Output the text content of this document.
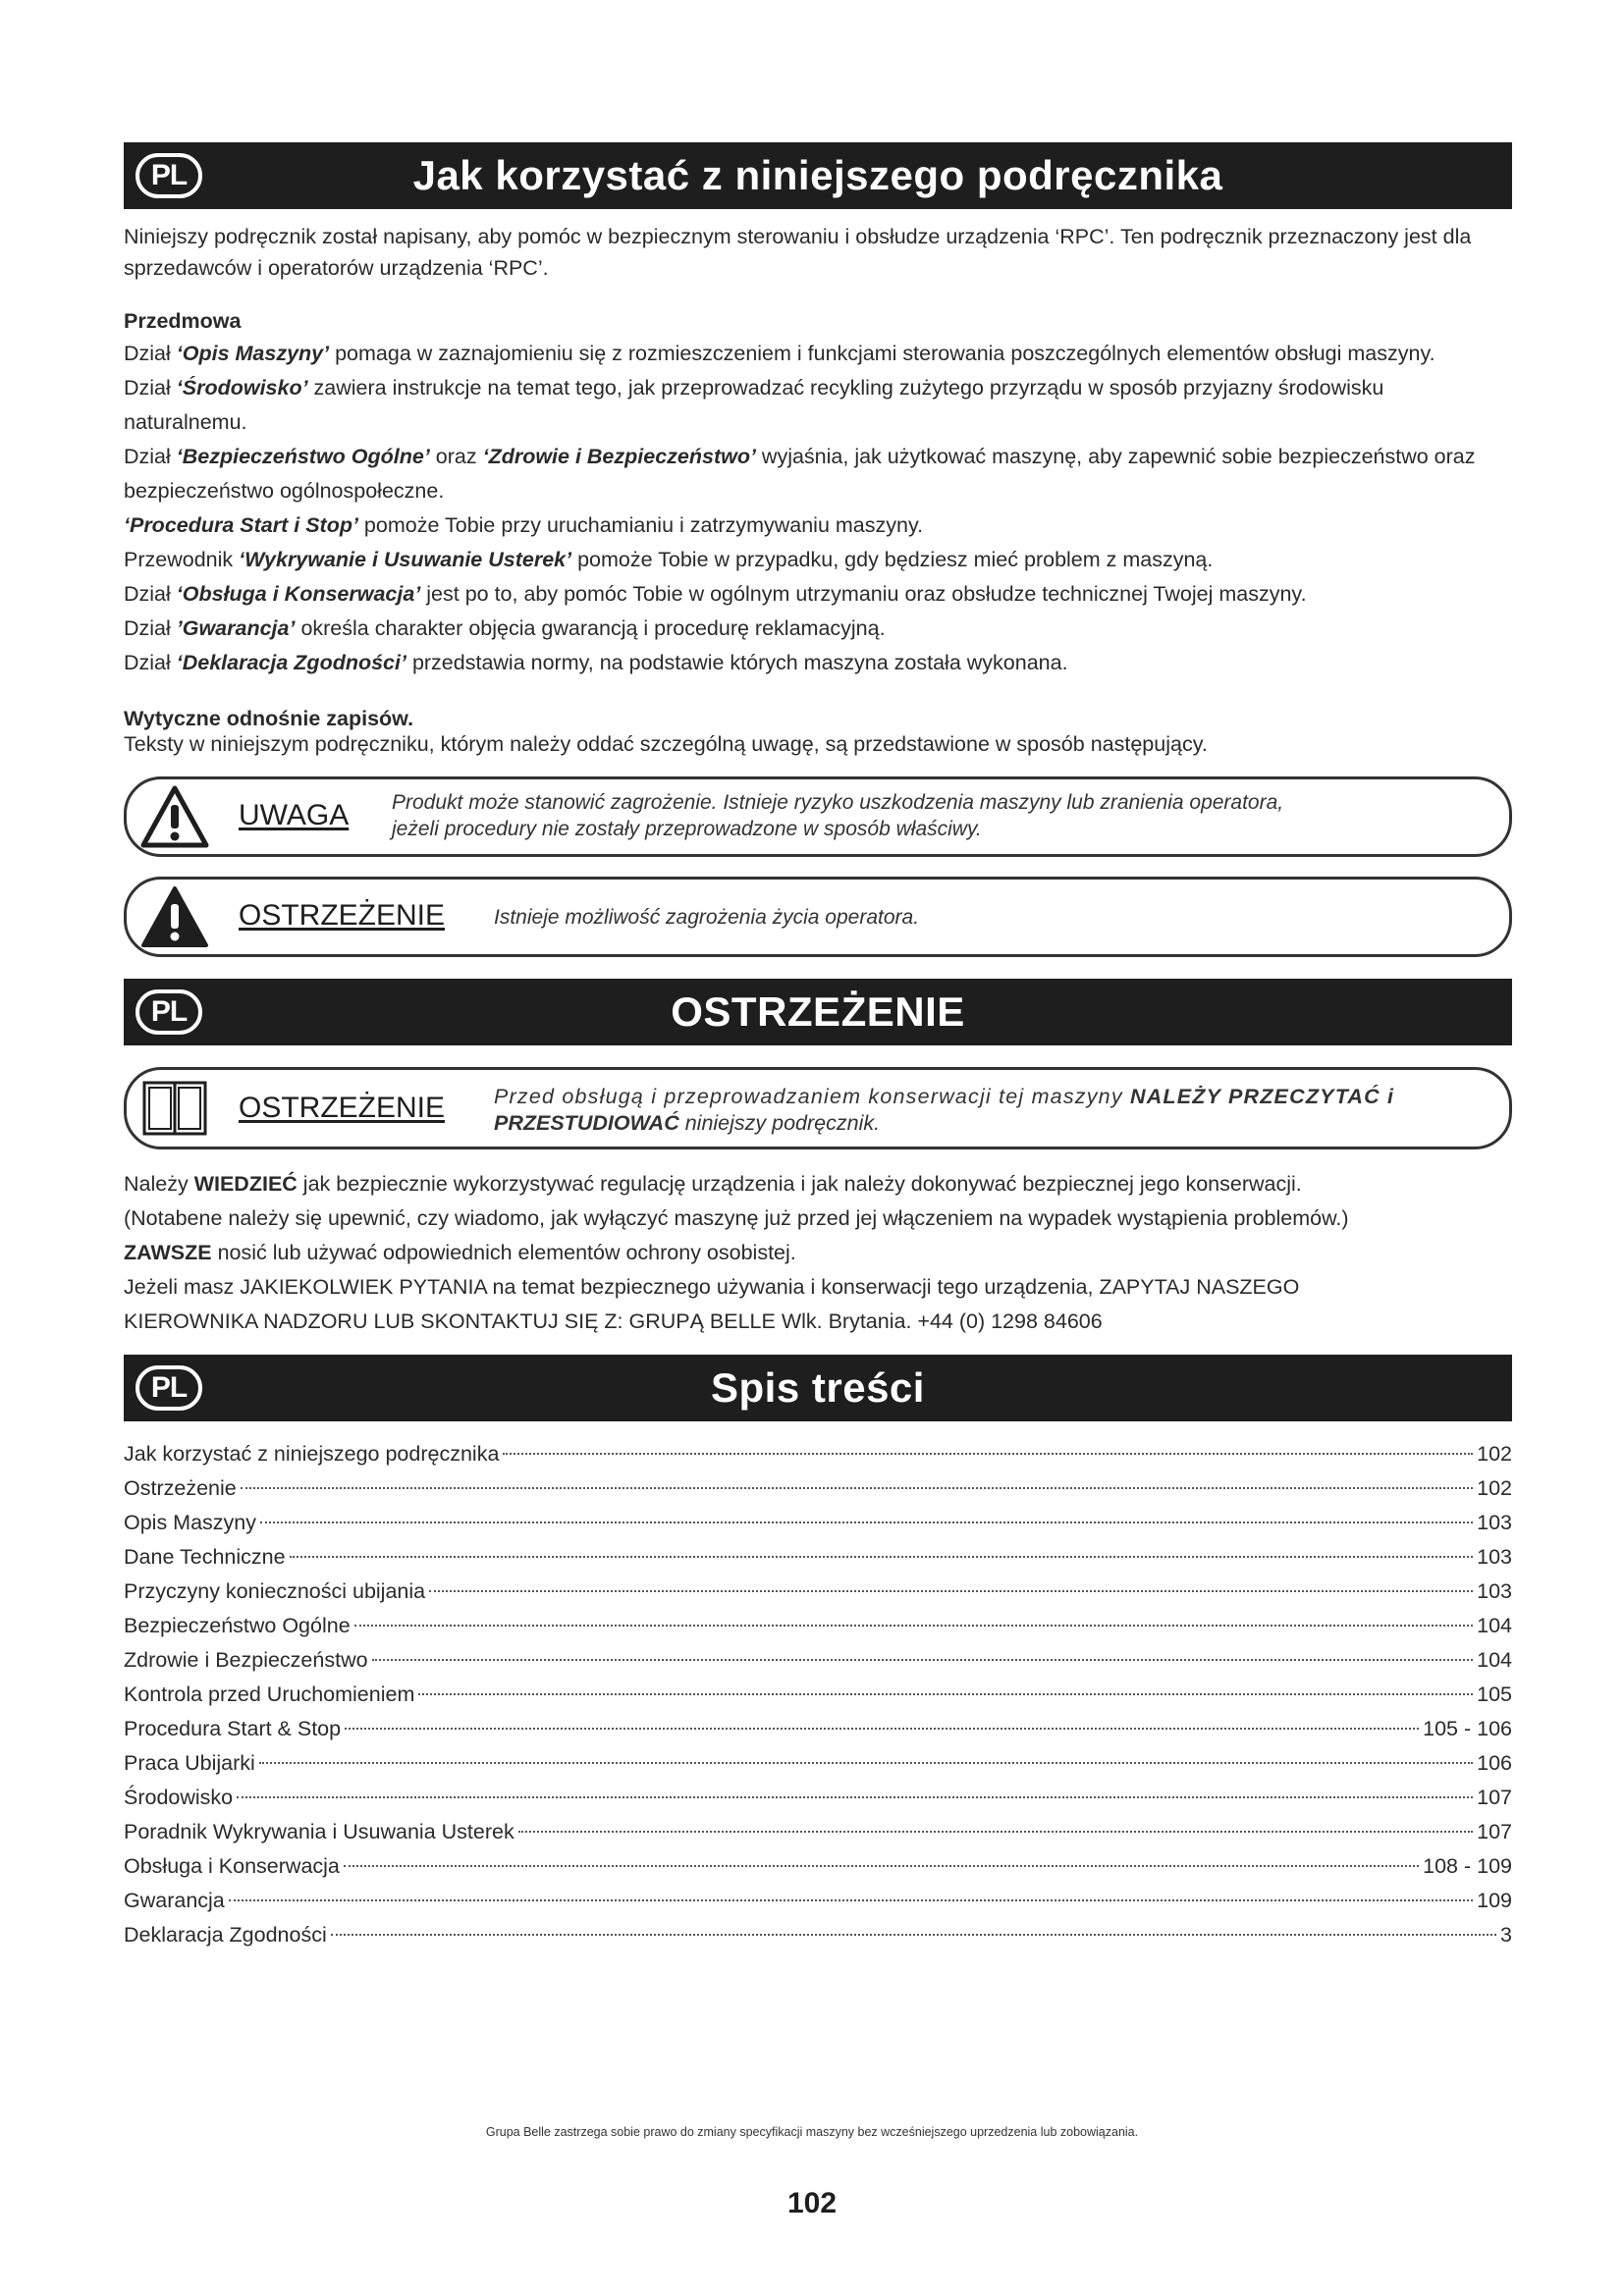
PL	Jak korzystać z niniejszego podręcznika

Niniejszy podręcznik został napisany, aby pomóc w bezpiecznym sterowaniu i obsłudze urządzenia ‘RPC’. Ten podręcznik przeznaczony jest dla sprzedawców i operatorów urządzenia ‘RPC’.

Przedmowa

Dział ‘Opis Maszyny’ pomaga w zaznajomieniu się z rozmieszczeniem i funkcjami sterowania poszczególnych elementów obsługi maszyny.

Dział ‘Środowisko’ zawiera instrukcje na temat tego, jak przeprowadzać recykling zużytego przyrządu w sposób przyjazny środowisku naturalnemu.

Dział ‘Bezpieczeństwo Ogólne’ oraz ‘Zdrowie i Bezpieczeństwo’ wyjaśnia, jak użytkować maszynę, aby zapewnić sobie bezpieczeństwo oraz bezpieczeństwo ogólnospołeczne.

‘Procedura Start i Stop’ pomoże Tobie przy uruchamianiu i zatrzymywaniu maszyny.

Przewodnik ‘Wykrywanie i Usuwanie Usterek’ pomoże Tobie w przypadku, gdy będziesz mieć problem z maszyną.

Dział ‘Obsługa i Konserwacja’ jest po to, aby pomóc Tobie w ogólnym utrzymaniu oraz obsłudze technicznej Twojej maszyny.

Dział ’Gwarancja’ określa charakter objęcia gwarancją i procedurę reklamacyjną.

Dział ‘Deklaracja Zgodności’ przedstawia normy, na podstawie których maszyna została wykonana.

Wytyczne odnośnie zapisów.

Teksty w niniejszym podręczniku, którym należy oddać szczególną uwagę, są przedstawione w sposób następujący.

UWAGA Produkt może stanowić zagrożenie. Istnieje ryzyko uszkodzenia maszyny lub zranienia operatora,
jeżeli procedury nie zostały przeprowadzone w sposób właściwy.
OSTRZEŻENIE Istnieje możliwość zagrożenia życia operatora.
PL	OSTRZEŻENIE
OSTRZEŻENIE Przed obsługą i przeprowadzaniem konserwacji tej maszyny NALEŻY PRZECZYTAĆ i
PRZESTUDIOWAĆ niniejszy podręcznik.

Należy WIEDZIEĆ jak bezpiecznie wykorzystywać regulację urządzenia i jak należy dokonywać bezpiecznej jego konserwacji.

(Notabene należy się upewnić, czy wiadomo, jak wyłączyć maszynę już przed jej włączeniem na wypadek wystąpienia problemów.)

ZAWSZE nosić lub używać odpowiednich elementów ochrony osobistej.

Jeżeli masz JAKIEKOLWIEK PYTANIA na temat bezpiecznego używania i konserwacji tego urządzenia, ZAPYTAJ NASZEGO

KIEROWNIKA NADZORU LUB SKONTAKTUJ SIĘ Z: GRUPĄ BELLE Wlk. Brytania. +44 (0) 1298 84606

PL	Spis treści
Jak korzystać z niniejszego podręcznika	102
Ostrzeżenie	102
Opis Maszyny	103
Dane Techniczne	103
Przyczyny konieczności ubijania	103
Bezpieczeństwo Ogólne	104
Zdrowie i Bezpieczeństwo	104
Kontrola przed Uruchomieniem	105
Procedura Start & Stop	105 - 106
Praca Ubijarki	106
Środowisko	107
Poradnik Wykrywania i Usuwania Usterek	107
Obsługa i Konserwacja	108 - 109
Gwarancja	109
Deklaracja Zgodności	3
Grupa Belle zastrzega sobie prawo do zmiany specyfikacji maszyny bez wcześniejszego uprzedzenia lub zobowiązania.
102
